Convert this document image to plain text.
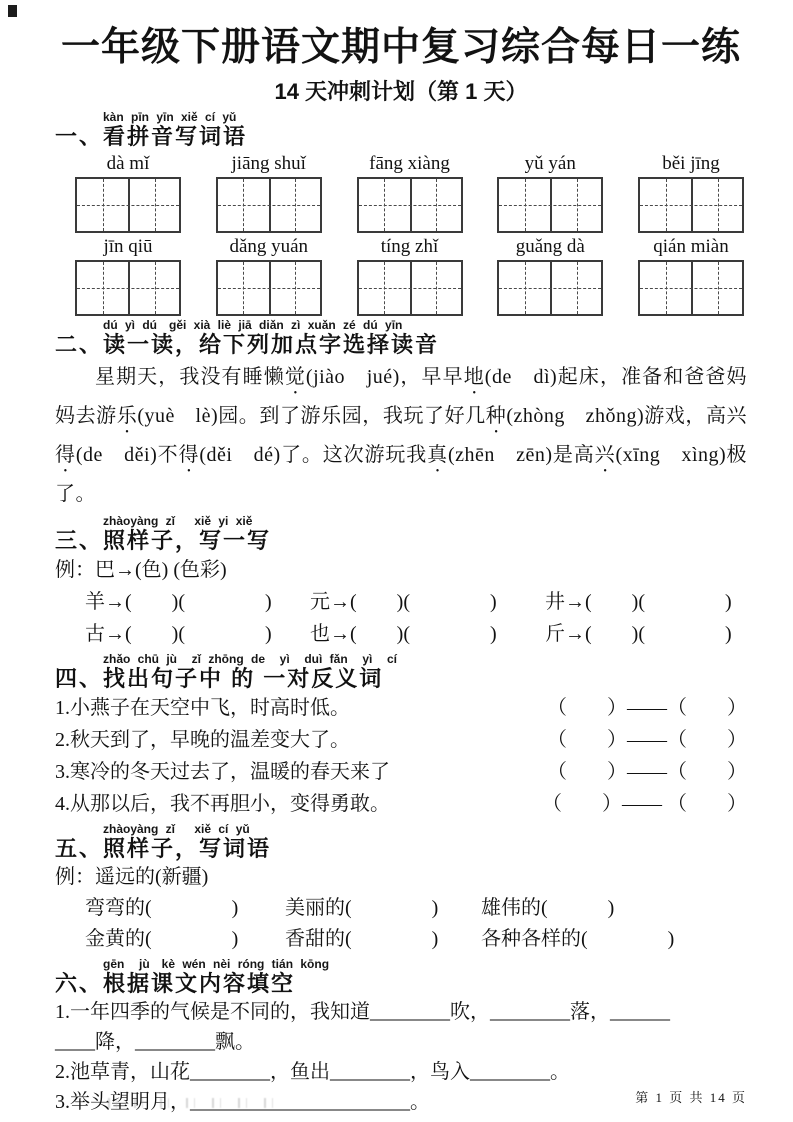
一年级下册语文期中复习综合每日一练
14 天冲刺计划（第 1 天）
kàn pīn yīn xiě cí yǔ
一、看拼音写词语
dà mǐ	jiāng shuǐ	fāng xiàng	yǔ yán	běi jīng
jīn qiū	dǎng yuán	tíng zhǐ	guǎng dà	qián miàn
dú yì dú　gěi xià liè jiā diǎn zì xuǎn zé dú yīn
二、读一读，给下列加点字选择读音
星期天，我没有睡懒觉(jiào　jué)，早早地(de　dì)起床，准备和爸爸妈妈去游乐(yuè　lè)园。到了游乐园，我玩了好几种(zhòng　zhǒng)游戏，高兴得(de　děi)不得(děi　dé)了。这次游玩我真(zhēn　zēn)是高兴(xīng　xìng)极了。
zhàoyàng zǐ　 xiě yi xiě
三、照样子，写一写
例：巴→(色) (色彩)
羊→(　　)(　　　　)	元→(　　)(　　　　)	井→(　　)(　　　　)
古→(　　)(　　　　)	也→(　　)(　　　　)	斤→(　　)(　　　　)
zhǎo chū jù  zǐ zhōng de  yì  duì fǎn  yì  cí
四、找出句子中 的 一对反义词
1.小燕子在天空中飞，时高时低。	（　　）——（　　）
2.秋天到了，早晚的温差变大了。	（　　）——（　　）
3.寒冷的冬天过去了，温暖的春天来了	（　　）——（　　）
4.从那以后，我不再胆小，变得勇敢。	（　　）—— （　　）
zhàoyàng zǐ　 xiě cí yǔ
五、照样子，写词语
例：遥远的(新疆)
弯弯的(　　　　)	美丽的(　　　　)	雄伟的(　　　)
金黄的(　　　　)	香甜的(　　　　)	各种各样的(　　　　)
gēn  jù　kè wén nèi róng tián kōng
六、根据课文内容填空
1.一年四季的气候是不同的，我知道________吹，________落，______
____降，________飘。
2.池草青，山花________，鱼出________，鸟入________。
3.举头望明月，______________________。	第 1 页 共 14 页
